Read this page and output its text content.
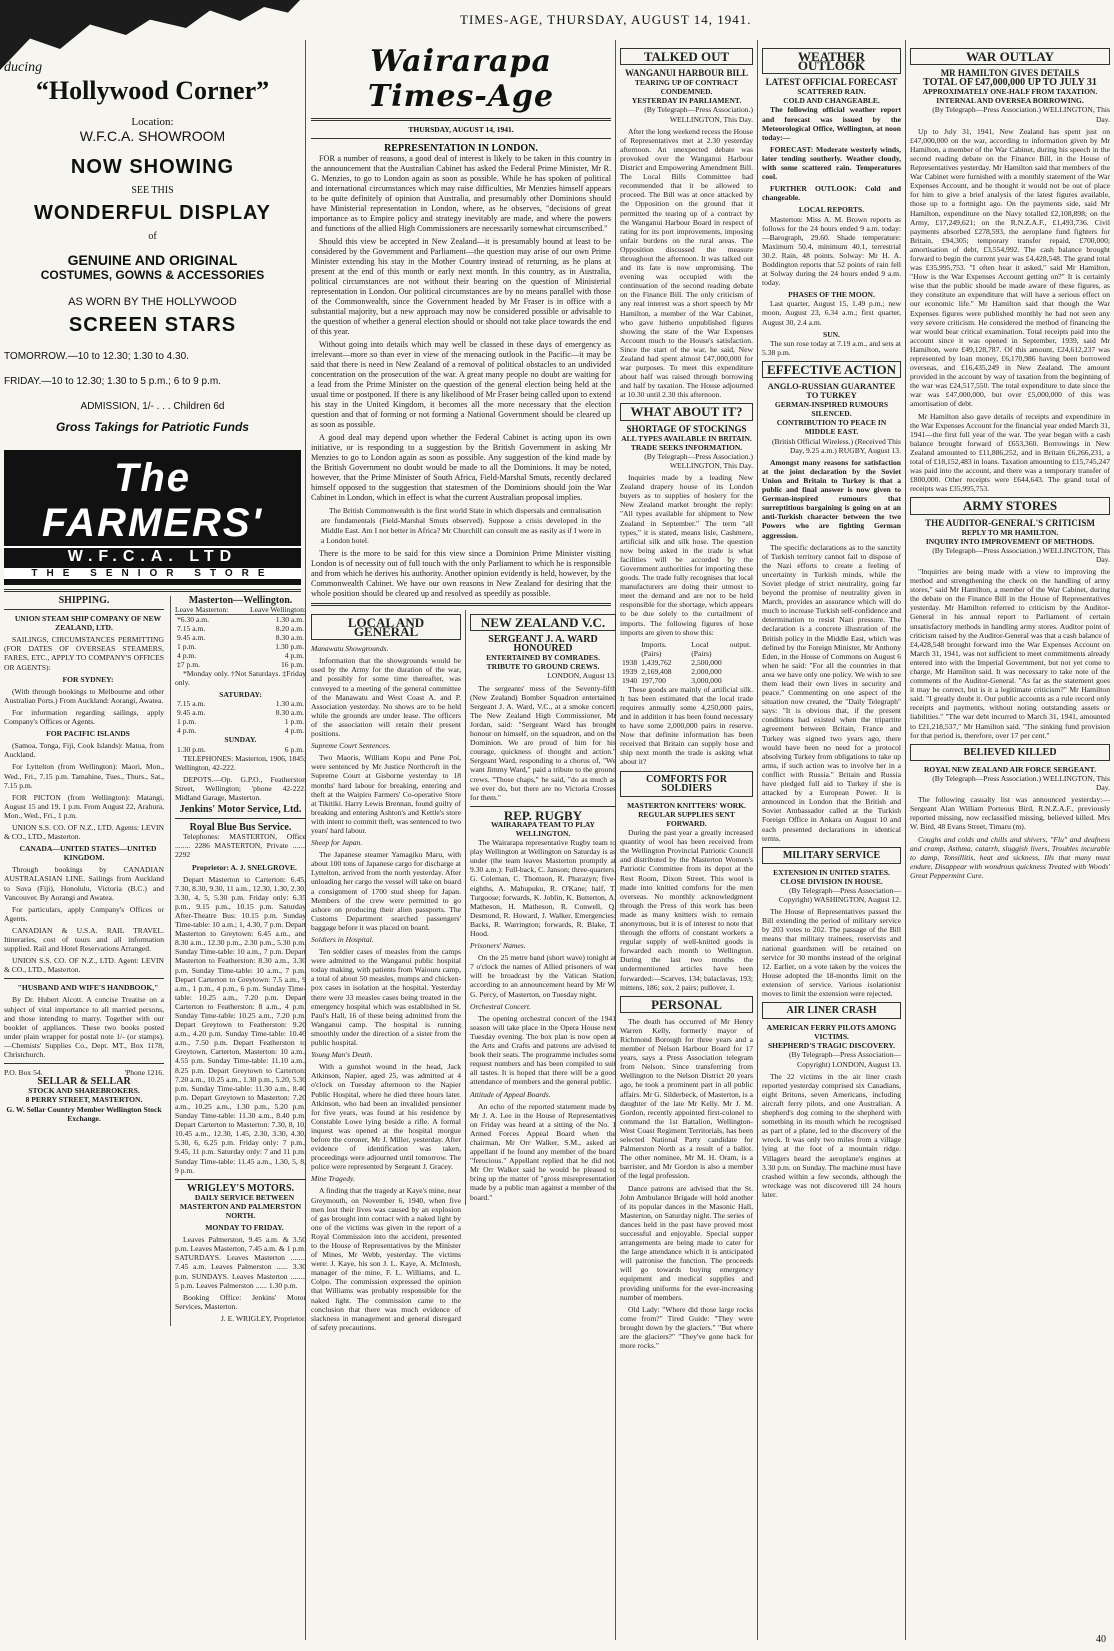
TIMES-AGE, THURSDAY, AUGUST 14, 1941.
ducing
“Hollywood Corner”
Location:
W.F.C.A. SHOWROOM
NOW SHOWING
SEE THIS
WONDERFUL DISPLAY
of
GENUINE AND ORIGINAL
COSTUMES, GOWNS & ACCESSORIES
AS WORN BY THE HOLLYWOOD
SCREEN STARS
TOMORROW.—10 to 12.30; 1.30 to 4.30.
FRIDAY.—10 to 12.30; 1.30 to 5 p.m.; 6 to 9 p.m.
ADMISSION, 1/- . . . Children 6d
Gross Takings for Patriotic Funds
The FARMERS'
W.F.C.A. LTD
THE SENIOR STORE
SHIPPING.

UNION STEAM SHIP COMPANY OF NEW ZEALAND, LTD.

SAILINGS, CIRCUMSTANCES PERMITTING (FOR DATES OF OVERSEAS STEAMERS, FARES, ETC., APPLY TO COMPANY'S OFFICES OR AGENTS):

FOR SYDNEY:

(With through bookings to Melbourne and other Australian Ports.) From Auckland: Aorangi, Awatea.

For information regarding sailings, apply Company's Offices or Agents.

FOR PACIFIC ISLANDS

(Samoa, Tonga, Fiji, Cook Islands): Matua, from Auckland.

For Lyttelton (from Wellington): Maori, Mon., Wed., Fri., 7.15 p.m. Tamahine, Tues., Thurs., Sat., 7.15 p.m.

FOR PICTON (from Wellington): Matangi, August 15 and 19, 1 p.m. From August 22, Arahura, Mon., Wed., Fri., 1 p.m.

UNION S.S. CO. OF N.Z., LTD. Agents: LEVIN & CO., LTD., Masterton.

CANADA—UNITED STATES—UNITED KINGDOM.

Through bookings by CANADIAN AUSTRALASIAN LINE. Sailings from Auckland to Suva (Fiji), Honolulu, Victoria (B.C.) and Vancouver. By Aorangi and Awatea.

For particulars, apply Company's Offices or Agents.

CANADIAN & U.S.A. RAIL TRAVEL. Itineraries, cost of tours and all information supplied. Rail and Hotel Reservations Arranged.

UNION S.S. CO. OF N.Z., LTD. Agent: LEVIN & CO., LTD., Masterton.

"HUSBAND AND WIFE'S HANDBOOK,"

By Dr. Hubert Alcott. A concise Treatise on a subject of vital importance to all married persons, and those intending to marry. Together with our booklet of appliances. These two books posted under plain wrapper for postal note 1/- (or stamps).—Chemists' Supplies Co., Dept. MT., Box 1178, Christchurch.

P.O. Box 54.	'Phone 1216.
SELLAR & SELLAR
STOCK AND SHAREBROKERS.
8 PERRY STREET, MASTERTON.
G. W. Sellar Country Member Wellington Stock Exchange.
Masterton—Wellington.
Leave Masterton:	Leave Wellington:
*6.30 a.m.	1.30 a.m.
7.15 a.m.	8.20 a.m.
9.45 a.m.	8.30 a.m.
1 p.m.	1.30 p.m.
4 p.m.	4 p.m.
‡7 p.m.	16 p.m.

*Monday only. †Not Saturdays. ‡Friday only.

SATURDAY:
7.15 a.m.	1.30 a.m.
9.45 a.m.	8.30 a.m.
1 p.m.	1 p.m.
4 p.m.	4 p.m.
SUNDAY.
1.30 p.m.	6 p.m.

TELEPHONES: Masterton, 1906, 1845; Wellington, 42-222.

DEPOTS.—Op. G.P.O., Featherston Street, Wellington; 'phone 42-222. Midland Garage, Masterton.

Jenkins' Motor Service, Ltd.
Royal Blue Bus Service.

Telephones: MASTERTON, Office ........ 2286 MASTERTON, Private ....... 2292

Proprietor: A. J. SNELGROVE.

Depart Masterton to Carterton: 6.45, 7.30, 8.30, 9.30, 11 a.m., 12.30, 1.30, 2.30, 3.30, 4, 5, 5.30 p.m. Friday only: 6.35 p.m., 9.15 p.m., 10.15 p.m. Saturday After-Theatre Bus: 10.15 p.m. Sunday Time-table: 10 a.m.; 1, 4.30, 7 p.m. Depart Masterton to Greytown: 6.45 a.m., and 8.30 a.m., 12.30 p.m., 2.30 p.m., 5.30 p.m. Sunday Time-table: 10 a.m., 7 p.m. Depart Masterton to Featherston: 8.30 a.m., 3.30 p.m. Sunday Time-table: 10 a.m., 7 p.m. Depart Carterton to Greytown: 7.5 a.m., 9 a.m., 1 p.m., 4 p.m., 6 p.m. Sunday Time-table: 10.25 a.m., 7.20 p.m. Depart Carterton to Featherston: 8 a.m., 4 p.m. Sunday Time-table: 10.25 a.m., 7.20 p.m. Depart Greytown to Featherston: 9.20 a.m., 4.20 p.m. Sunday Time-table: 10.40 a.m., 7.50 p.m. Depart Featherston to Greytown, Carterton, Masterton: 10 a.m., 4.55 p.m. Sunday Time-table: 11.10 a.m., 8.25 p.m. Depart Greytown to Carterton: 7.20 a.m., 10.25 a.m., 1.30 p.m., 5.20, 5.30 p.m. Sunday Time-table: 11.30 a.m., 8.40 p.m. Depart Greytown to Masterton: 7.20 a.m., 10.25 a.m., 1.30 p.m., 5.20 p.m. Sunday Time-table: 11.30 a.m., 8.40 p.m. Depart Carterton to Masterton: 7.30, 8, 10, 10.45 a.m., 12.30, 1.45, 2.30, 3.30, 4.30, 5.30, 6, 6.25 p.m. Friday only: 7 p.m., 9.45, 11 p.m. Saturday only: 7 and 11 p.m. Sunday Time-table: 11.45 a.m., 1.30, 5, 8, 9 p.m.

WRIGLEY'S MOTORS.

DAILY SERVICE BETWEEN MASTERTON AND PALMERSTON NORTH.

MONDAY TO FRIDAY.

Leaves Palmerston, 9.45 a.m. & 3.50 p.m. Leaves Masterton, 7.45 a.m. & 1 p.m. SATURDAYS. Leaves Masterton ........ 7.45 a.m. Leaves Palmerston ...... 3.30 p.m. SUNDAYS. Leaves Masterton ........ 5 p.m. Leaves Palmerston ...... 1.30 p.m.

Booking Office: Jenkins' Motor Services, Masterton.

J. E. WRIGLEY, Proprietor.

Wairarapa Times-Age
THURSDAY, AUGUST 14, 1941.
REPRESENTATION IN LONDON.

FOR a number of reasons, a good deal of interest is likely to be taken in this country in the announcement that the Australian Cabinet has asked the Federal Prime Minister, Mr R. G. Menzies, to go to London again as soon as possible. While he has spoken of political and international circumstances which may raise difficulties, Mr Menzies himself appears to be quite definitely of opinion that Australia, and presumably other Dominions should have Ministerial representation in London, where, as he observes, "decisions of great importance as to Empire policy and strategy inevitably are made, and where the powers and functions of the allied High Commissioners are necessarily somewhat circumscribed."

Should this view be accepted in New Zealand—it is presumably bound at least to be considered by the Government and Parliament—the question may arise of our own Prime Minister extending his stay in the Mother Country instead of returning, as he plans at present at the end of this month or early next month. In this country, as in Australia, political circumstances are not without their bearing on the question of Ministerial representation in London. Our political circumstances are by no means parallel with those of the Commonwealth, since the Government headed by Mr Fraser is in office with a substantial majority, but a new approach may now be considered possible or advisable to the question of whether a general election should or should not take place towards the end of this year.

Without going into details which may well be classed in these days of emergency as irrelevant—more so than ever in view of the menacing outlook in the Pacific—it may be said that there is need in New Zealand of a removal of political obstacles to an undivided concentration on the prosecution of the war. A great many people no doubt are waiting for a lead from the Prime Minister on the question of the general election being held at the usual time or postponed. If there is any likelihood of Mr Fraser being called upon to extend his stay in the United Kingdom, it becomes all the more necessary that the election question and that of forming or not forming a National Government should be cleared up as soon as possible.

A good deal may depend upon whether the Federal Cabinet is acting upon its own initiative, or is responding to a suggestion by the British Government in asking Mr Menzies to go to London again as soon as possible. Any suggestion of the kind made by the British Government no doubt would be made to all the Dominions. It may be noted, however, that the Prime Minister of South Africa, Field-Marshal Smuts, recently declared himself opposed to the suggestion that statesmen of the Dominions should join the War Cabinet in London, which in effect is what the current Australian proposal implies.

The British Commonwealth is the first world State in which dispersals and centralisation are fundamentals (Field-Marshal Smuts observed). Suppose a crisis developed in the Middle East. Am I not better in Africa? Mr Churchill can consult me as easily as if I were in a London hotel.

There is the more to be said for this view since a Dominion Prime Minister visiting London is of necessity out of full touch with the only Parliament to which he is responsible and from which he derives his authority. Another opinion evidently is held, however, by the Commonwealth Cabinet. We have our own reasons in New Zealand for desiring that the whole position should be cleared up and resolved as speedily as possible.

LOCAL AND GENERAL

Manawatu Showgrounds.

Information that the showgrounds would be used by the Army for the duration of the war, and possibly for some time thereafter, was conveyed to a meeting of the general committee of the Manawatu and West Coast A. and P. Association yesterday. No shows are to be held while the grounds are under lease. The officers of the association will retain their present positions.

Supreme Court Sentences.

Two Maoris, William Kopu and Pene Poi, were sentenced by Mr Justice Northcroft in the Supreme Court at Gisborne yesterday to 18 months' hard labour for breaking, entering and theft at the Waipiro Farmers' Co-operative Store at Tikitiki. Harry Lewis Brennan, found guilty of breaking and entering Ashton's and Kettle's store with intent to commit theft, was sentenced to two years' hard labour.

Sheep for Japan.

The Japanese steamer Yamagiku Maru, with about 100 tons of Japanese cargo for discharge at Lyttelton, arrived from the north yesterday. After unloading her cargo the vessel will take on board a consignment of 1700 stud sheep for Japan. Members of the crew were permitted to go ashore on producing their alien passports. The Customs Department searched passengers' baggage before it was placed on board.

Soldiers in Hospital.

Ten soldier cases of measles from the camps were admitted to the Wanganui public hospital today making, with patients from Waiouru camp, a total of about 50 measles, mumps and chicken-pox cases in isolation at the hospital. Yesterday there were 33 measles cases being treated in the emergency hospital which was established in St. Paul's Hall, 16 of these being admitted from the Wanganui camp. The hospital is running smoothly under the direction of a sister from the public hospital.

Young Man's Death.

With a gunshot wound in the head, Jack Atkinson, Napier, aged 25, was admitted at 4 o'clock on Tuesday afternoon to the Napier Public Hospital, where he died three hours later. Atkinson, who had been an invalided pensioner for five years, was found at his residence by Constable Lowe lying beside a rifle. A formal inquest was opened at the hospital morgue before the coroner, Mr J. Miller, yesterday. After evidence of identification was taken, proceedings were adjourned until tomorrow. The police were represented by Sergeant J. Gracey.

Mine Tragedy.

A finding that the tragedy at Kaye's mine, near Greymouth, on November 6, 1940, when five men lost their lives was caused by an explosion of gas brought into contact with a naked light by one of the victims was given in the report of a Royal Commission into the accident, presented to the House of Representatives by the Minister of Mines, Mr Webb, yesterday. The victims were: J. Kaye, his son J. L. Kaye, A. McIntosh, manager of the mine, F. L. Williams, and L. Colpo. The commission expressed the opinion that Williams was probably responsible for the naked light. The commission came to the conclusion that there was much evidence of slackness in management and general disregard of safety precautions.

NEW ZEALAND V.C.
SERGEANT J. A. WARD HONOURED
ENTERTAINED BY COMRADES.
TRIBUTE TO GROUND CREWS.

LONDON, August 13.

The sergeants' mess of the Seventy-fifth (New Zealand) Bomber Squadron entertained Sergeant J. A. Ward, V.C., at a smoke concert. The New Zealand High Commissioner, Mr Jordan, said: "Sergeant Ward has brought honour on himself, on the squadron, and on the Dominion. We are proud of him for his courage, quickness of thought and action." Sergeant Ward, responding to a chorus of, "We want Jimmy Ward," paid a tribute to the ground crews. "Those chaps," he said, "do as much as we ever do, but there are no Victoria Crosses for them."

REP. RUGBY
WAIRARAPA TEAM TO PLAY WELLINGTON.

The Wairarapa representative Rugby team to play Wellington at Wellington on Saturday is as under (the team leaves Masterton promptly at 9.30 a.m.): Full-back, C. Janson; three-quarters, G. Coleman, C. Thomson, R. Pharazyn; five-eighths, A. Mahupuku, R. O'Kane; half, T. Turgoose; forwards, K. Joblin, K. Butterton, A. Matheson, H. Matheson, R. Conwell, Q. Desmond, R. Howard, J. Walker. Emergencies: Backs, R. Warrington; forwards, R. Blake, T. Hood.

Prisoners' Names.

On the 25 metre band (short wave) tonight at 7 o'clock the names of Allied prisoners of war will be broadcast by the Vatican Station, according to an announcement heard by Mr W. G. Percy, of Masterton, on Tuesday night.

Orchestral Concert.

The opening orchestral concert of the 1941 season will take place in the Opera House next Tuesday evening. The box plan is now open at the Arts and Crafts and patrons are advised to book their seats. The programme includes some request numbers and has been compiled to suit all tastes. It is hoped that there will be a good attendance of members and the general public.

Attitude of Appeal Boards.

An echo of the reported statement made by Mr J. A. Lee in the House of Representatives on Friday was heard at a sitting of the No. 1 Armed Forces Appeal Board when the chairman, Mr Orr Walker, S.M., asked an appellant if he found any member of the board "ferocious." Appellant replied that he did not. Mr Orr Walker said he would be pleased to bring up the matter of "gross misrepresentation made by a public man against a member of the board."

TALKED OUT
WANGANUI HARBOUR BILL
TEARING UP OF CONTRACT CONDEMNED.
YESTERDAY IN PARLIAMENT.

(By Telegraph—Press Association.) WELLINGTON, This Day.

After the long weekend recess the House of Representatives met at 2.30 yesterday afternoon. An unexpected debate was provoked over the Wanganui Harbour District and Empowering Amendment Bill. The Local Bills Committee had recommended that it be allowed to proceed. The Bill was at once attacked by the Opposition on the ground that it permitted the tearing up of a contract by the Wanganui Harbour Board in respect of rating for its port improvements, imposing unfair burdens on the rural areas. The Opposition discussed the measure throughout the afternoon. It was talked out and its fate is now unpromising. The evening was occupied with the continuation of the second reading debate on the Finance Bill. The only criticism of any real interest was a short speech by Mr Hamilton, a member of the War Cabinet, who gave hitherto unpublished figures showing the state of the War Expenses Account much to the House's satisfaction. Since the start of the war, he said, New Zealand had spent almost £47,000,000 for war purposes. To meet this expenditure about half was raised through borrowing and half by taxation. The House adjourned at 10.30 until 2.30 this afternoon.

WHAT ABOUT IT?
SHORTAGE OF STOCKINGS
ALL TYPES AVAILABLE IN BRITAIN.
TRADE SEEKS INFORMATION.

(By Telegraph—Press Association.) WELLINGTON, This Day.

Inquiries made by a leading New Zealand drapery house of its London buyers as to supplies of hosiery for the New Zealand market brought the reply: "All types available for shipment to New Zealand in September." The term "all types," it is stated, means lisle, Cashmere, artificial silk and silk hose. The question now being asked in the trade is what facilities will be accorded by the Government authorities for importing these goods. The trade fully recognises that local manufacturers are doing their utmost to meet the demand and are not to be held responsible for the shortage, which appears to be due solely to the curtailment of imports. The following figures of hose imports are given to show this:

	Imports. (Pairs)	Local output. (Pairs)
1938	1,439,762	2,500,000
1939	2,169,408	2,000,000
1940	197,700	3,000,000

These goods are mainly of artificial silk. It has been estimated that the local trade requires annually some 4,250,000 pairs, and in addition it has been found necessary to have some 2,000,000 pairs in reserve. Now that definite information has been received that Britain can supply hose and ship next month the trade is asking what about it?

COMFORTS FOR SOLDIERS
MASTERTON KNITTERS' WORK.
REGULAR SUPPLIES SENT FORWARD.

During the past year a greatly increased quantity of wool has been received from the Wellington Provincial Patriotic Council and distributed by the Masterton Women's Patriotic Committee from its depot at the Rest Room, Dixon Street. This wool is made into knitted comforts for the men overseas. No monthly acknowledgment through the Press of this work has been made as many knitters wish to remain anonymous, but it is of interest to note that through the efforts of constant workers a regular supply of well-knitted goods is forwarded each month to Wellington. During the last two months the undermentioned articles have been forwarded:—Scarves, 134; balaclavas, 193; mittens, 186; sox, 2 pairs; pullover, 1.

PERSONAL

The death has occurred of Mr Henry Warren Kelly, formerly mayor of Richmond Borough for three years and a member of Nelson Harbour Board for 17 years, says a Press Association telegram from Nelson. Since transferring from Wellington to the Nelson District 20 years ago, he took a prominent part in all public affairs. Mr G. Silderbeck, of Masterton, is a daughter of the late Mr Kelly. Mr J. M. Gordon, recently appointed first-colonel to command the 1st Battalion, Wellington-West Coast Regiment Territorials, has been selected National Party candidate for Palmerston North as a result of a ballot. The other nominee, Mr M. H. Oram, is a barrister, and Mr Gordon is also a member of the legal profession.

Dance patrons are advised that the St. John Ambulance Brigade will hold another of its popular dances in the Masonic Hall, Masterton, on Saturday night. The series of dances held in the past have proved most successful and enjoyable. Special supper arrangements are being made to cater for the large attendance which it is anticipated will patronise the function. The proceeds will go towards buying emergency equipment and medical supplies and providing uniforms for the ever-increasing number of members.

Old Lady: "Where did those large rocks come from?" Tired Guide: "They were brought down by the glaciers." "But where are the glaciers?" "They've gone back for more rocks."

WEATHER OUTLOOK
LATEST OFFICIAL FORECAST
SCATTERED RAIN.
COLD AND CHANGEABLE.

The following official weather report and forecast was issued by the Meteorological Office, Wellington, at noon today:—

FORECAST: Moderate westerly winds, later tending southerly. Weather cloudy, with some scattered rain. Temperatures cool.

FURTHER OUTLOOK: Cold and changeable.

LOCAL REPORTS.

Masterton: Miss A. M. Brown reports as follows for the 24 hours ended 9 a.m. today:—Barograph, 29.60. Shade temperature: Maximum 50.4, minimum 40.1, terrestrial 30.2. Rain, 48 points. Solway: Mr H. A. Boddington reports that 52 points of rain fell at Solway during the 24 hours ended 9 a.m. today.

PHASES OF THE MOON.

Last quarter, August 15, 1.49 p.m.; new moon, August 23, 6.34 a.m.; first quarter, August 30, 2.4 a.m.

SUN.

The sun rose today at 7.19 a.m., and sets at 5.38 p.m.

EFFECTIVE ACTION
ANGLO-RUSSIAN GUARANTEE TO TURKEY
GERMAN-INSPIRED RUMOURS SILENCED.
CONTRIBUTION TO PEACE IN MIDDLE EAST.

(British Official Wireless.) (Received This Day, 9.25 a.m.) RUGBY, August 13.

Amongst many reasons for satisfaction at the joint declaration by the Soviet Union and Britain to Turkey is that a public and final answer is now given to German-inspired rumours that surreptitious bargaining is going on at an anti-Turkish character between the two Powers who are fighting German aggression.

The specific declarations as to the sanctity of Turkish territory cannot fail to dispose of the Nazi efforts to create a feeling of uncertainty in Turkish minds, while the Soviet pledge of strict neutrality, going far beyond the promise of neutrality given in March, provides an assurance which will do much to increase Turkish self-confidence and determination to resist Nazi pressure. The declaration is a concrete illustration of the British policy in the Middle East, which was defined by the Foreign Minister, Mr Anthony Eden, in the House of Commons on August 6 when he said: "For all the countries in that area we have only one policy. We wish to see them lead their own lives in security and peace." Commenting on one aspect of the situation now created, the "Daily Telegraph" says: "It is obvious that, if the present conditions had existed when the tripartite agreement between Britain, France and Turkey was signed two years ago, there would have been no need for a protocol absolving Turkey from obligations to take up arms, if such action was to involve her in a conflict with Russia." Britain and Russia have pledged full aid to Turkey if she is attacked by a European Power. It is announced in London that the British and Soviet Ambassador called at the Turkish Foreign Office in Ankara on August 10 and each presented declarations in identical terms.

MILITARY SERVICE
EXTENSION IN UNITED STATES.
CLOSE DIVISION IN HOUSE.

(By Telegraph—Press Association—Copyright) WASHINGTON, August 12.

The House of Representatives passed the Bill extending the period of military service by 203 votes to 202. The passage of the Bill means that military trainees, reservists and national guardsmen will be retained on service for 30 months instead of the original 12. Earlier, on a vote taken by the voices the House adopted the 18-months limit on the extension of service. Various isolationist moves to limit the extension were rejected.

AIR LINER CRASH
AMERICAN FERRY PILOTS AMONG VICTIMS.
SHEPHERD'S TRAGIC DISCOVERY.

(By Telegraph—Press Association—Copyright) LONDON, August 13.

The 22 victims in the air liner crash reported yesterday comprised six Canadians, eight Britons, seven Americans, including aircraft ferry pilots, and one Australian. A shepherd's dog coming to the shepherd with something in its mouth which he recognised as part of a plane, led to the discovery of the wreck. It was only two miles from a village lying at the foot of a mountain ridge. Villagers heard the aeroplane's engines at 3.30 p.m. on Sunday. The machine must have crashed within a few seconds, although the wreckage was not discovered till 24 hours later.

WAR OUTLAY
MR HAMILTON GIVES DETAILS
TOTAL OF £47,000,000 UP TO JULY 31
APPROXIMATELY ONE-HALF FROM TAXATION.
INTERNAL AND OVERSEA BORROWING.

(By Telegraph—Press Association.) WELLINGTON, This Day.

Up to July 31, 1941, New Zealand has spent just on £47,000,000 on the war, according to information given by Mr Hamilton, a member of the War Cabinet, during his speech in the second reading debate on the Finance Bill, in the House of Representatives yesterday. Mr Hamilton said that members of the War Cabinet were furnished with a monthly statement of the War Expenses Account, and he thought it would not be out of place for him to give a brief analysis of the latest figures available, those up to a fortnight ago. On the payments side, said Mr Hamilton, expenditure on the Navy totalled £2,108,898; on the Army, £17,249,621; on the R.N.Z.A.F., £1,493,736. Civil payments absorbed £278,593, the aeroplane fund fighters for Britain, £94,305; temporary transfer repaid, £700,000; amortisation of debt, £3,554,992. The cash balance brought forward to begin the current year was £4,428,548. The grand total was £35,995,753. "I often hear it asked," said Mr Hamilton, "How is the War Expenses Account getting on?" It is certainly wise that the public should be made aware of these figures, as they constitute an expenditure that will have a serious effect on our economic life." Mr Hamilton said that though the War Expenses figures were published monthly he had not seen any very severe criticism. He considered the method of financing the war would bear critical examination. Total receipts paid into the account since it was opened in September, 1939, said Mr Hamilton, were £49,128,787. Of this amount, £24,612,237 was represented by loan money, £6,170,986 having been borrowed overseas, and £16,435,249 in New Zealand. The amount provided in the account by way of taxation from the beginning of the war was £24,517,550. The total expenditure to date since the war was £47,000,000, but over £5,000,000 of this was amortisation of debt.

Mr Hamilton also gave details of receipts and expenditure in the War Expenses Account for the financial year ended March 31, 1941—the first full year of the war. The year began with a cash balance brought forward of £653,360. Borrowings in New Zealand amounted to £11,886,252, and in Britain £6,266,231, a total of £18,152,483 in loans. Taxation amounting to £15,745,247 was paid into the account, and there was a temporary transfer of £800,000. Other receipts were £644,643. The grand total of receipts was £35,995,753.

ARMY STORES
THE AUDITOR-GENERAL'S CRITICISM
REPLY TO MR HAMILTON.
INQUIRY INTO IMPROVEMENT OF METHODS.

(By Telegraph—Press Association.) WELLINGTON, This Day.

"Inquiries are being made with a view to improving the method and strengthening the check on the handling of army stores," said Mr Hamilton, a member of the War Cabinet, during the debate on the Finance Bill in the House of Representatives yesterday. Mr Hamilton referred to criticism by the Auditor-General in his annual report to Parliament of certain unsatisfactory methods in handling army stores. Auditor point of criticism raised by the Auditor-General was that a cash balance of £4,428,548 brought forward into the War Expenses Account on March 31, 1941, was not sufficient to meet commitments already entered into with the Imperial Government, but not yet come to charge, Mr Hamilton said. It was necessary to take note of the comments of the Auditor-General. "As far as the statement goes it may be correct, but is it a legitimate criticism?" Mr Hamilton said. "I greatly doubt it. Our public accounts as a rule record only receipts and payments, without noting outstanding assets or liabilities." "The war debt incurred to March 31, 1941, amounted to £21,218,537," Mr Hamilton said. "The sinking fund provision for that period is, therefore, over 17 per cent."

BELIEVED KILLED
ROYAL NEW ZEALAND AIR FORCE SERGEANT.

(By Telegraph—Press Association.) WELLINGTON, This Day.

The following casualty list was announced yesterday:— Sergeant Alan William Porteous Bird, R.N.Z.A.F., previously reported missing, now reclassified missing, believed killed. Mrs W. Bird, 48 Evans Street, Timaru (m).

Coughs and colds and chills and shivers, "Flu" and deafness and cramp, Asthma, catarrh, sluggish livers, Troubles incurable to damp, Tonsillitis, heat and sickness, Ills that many must endure, Disappear with wondrous quickness Treated with Woods' Great Peppermint Cure.

40
